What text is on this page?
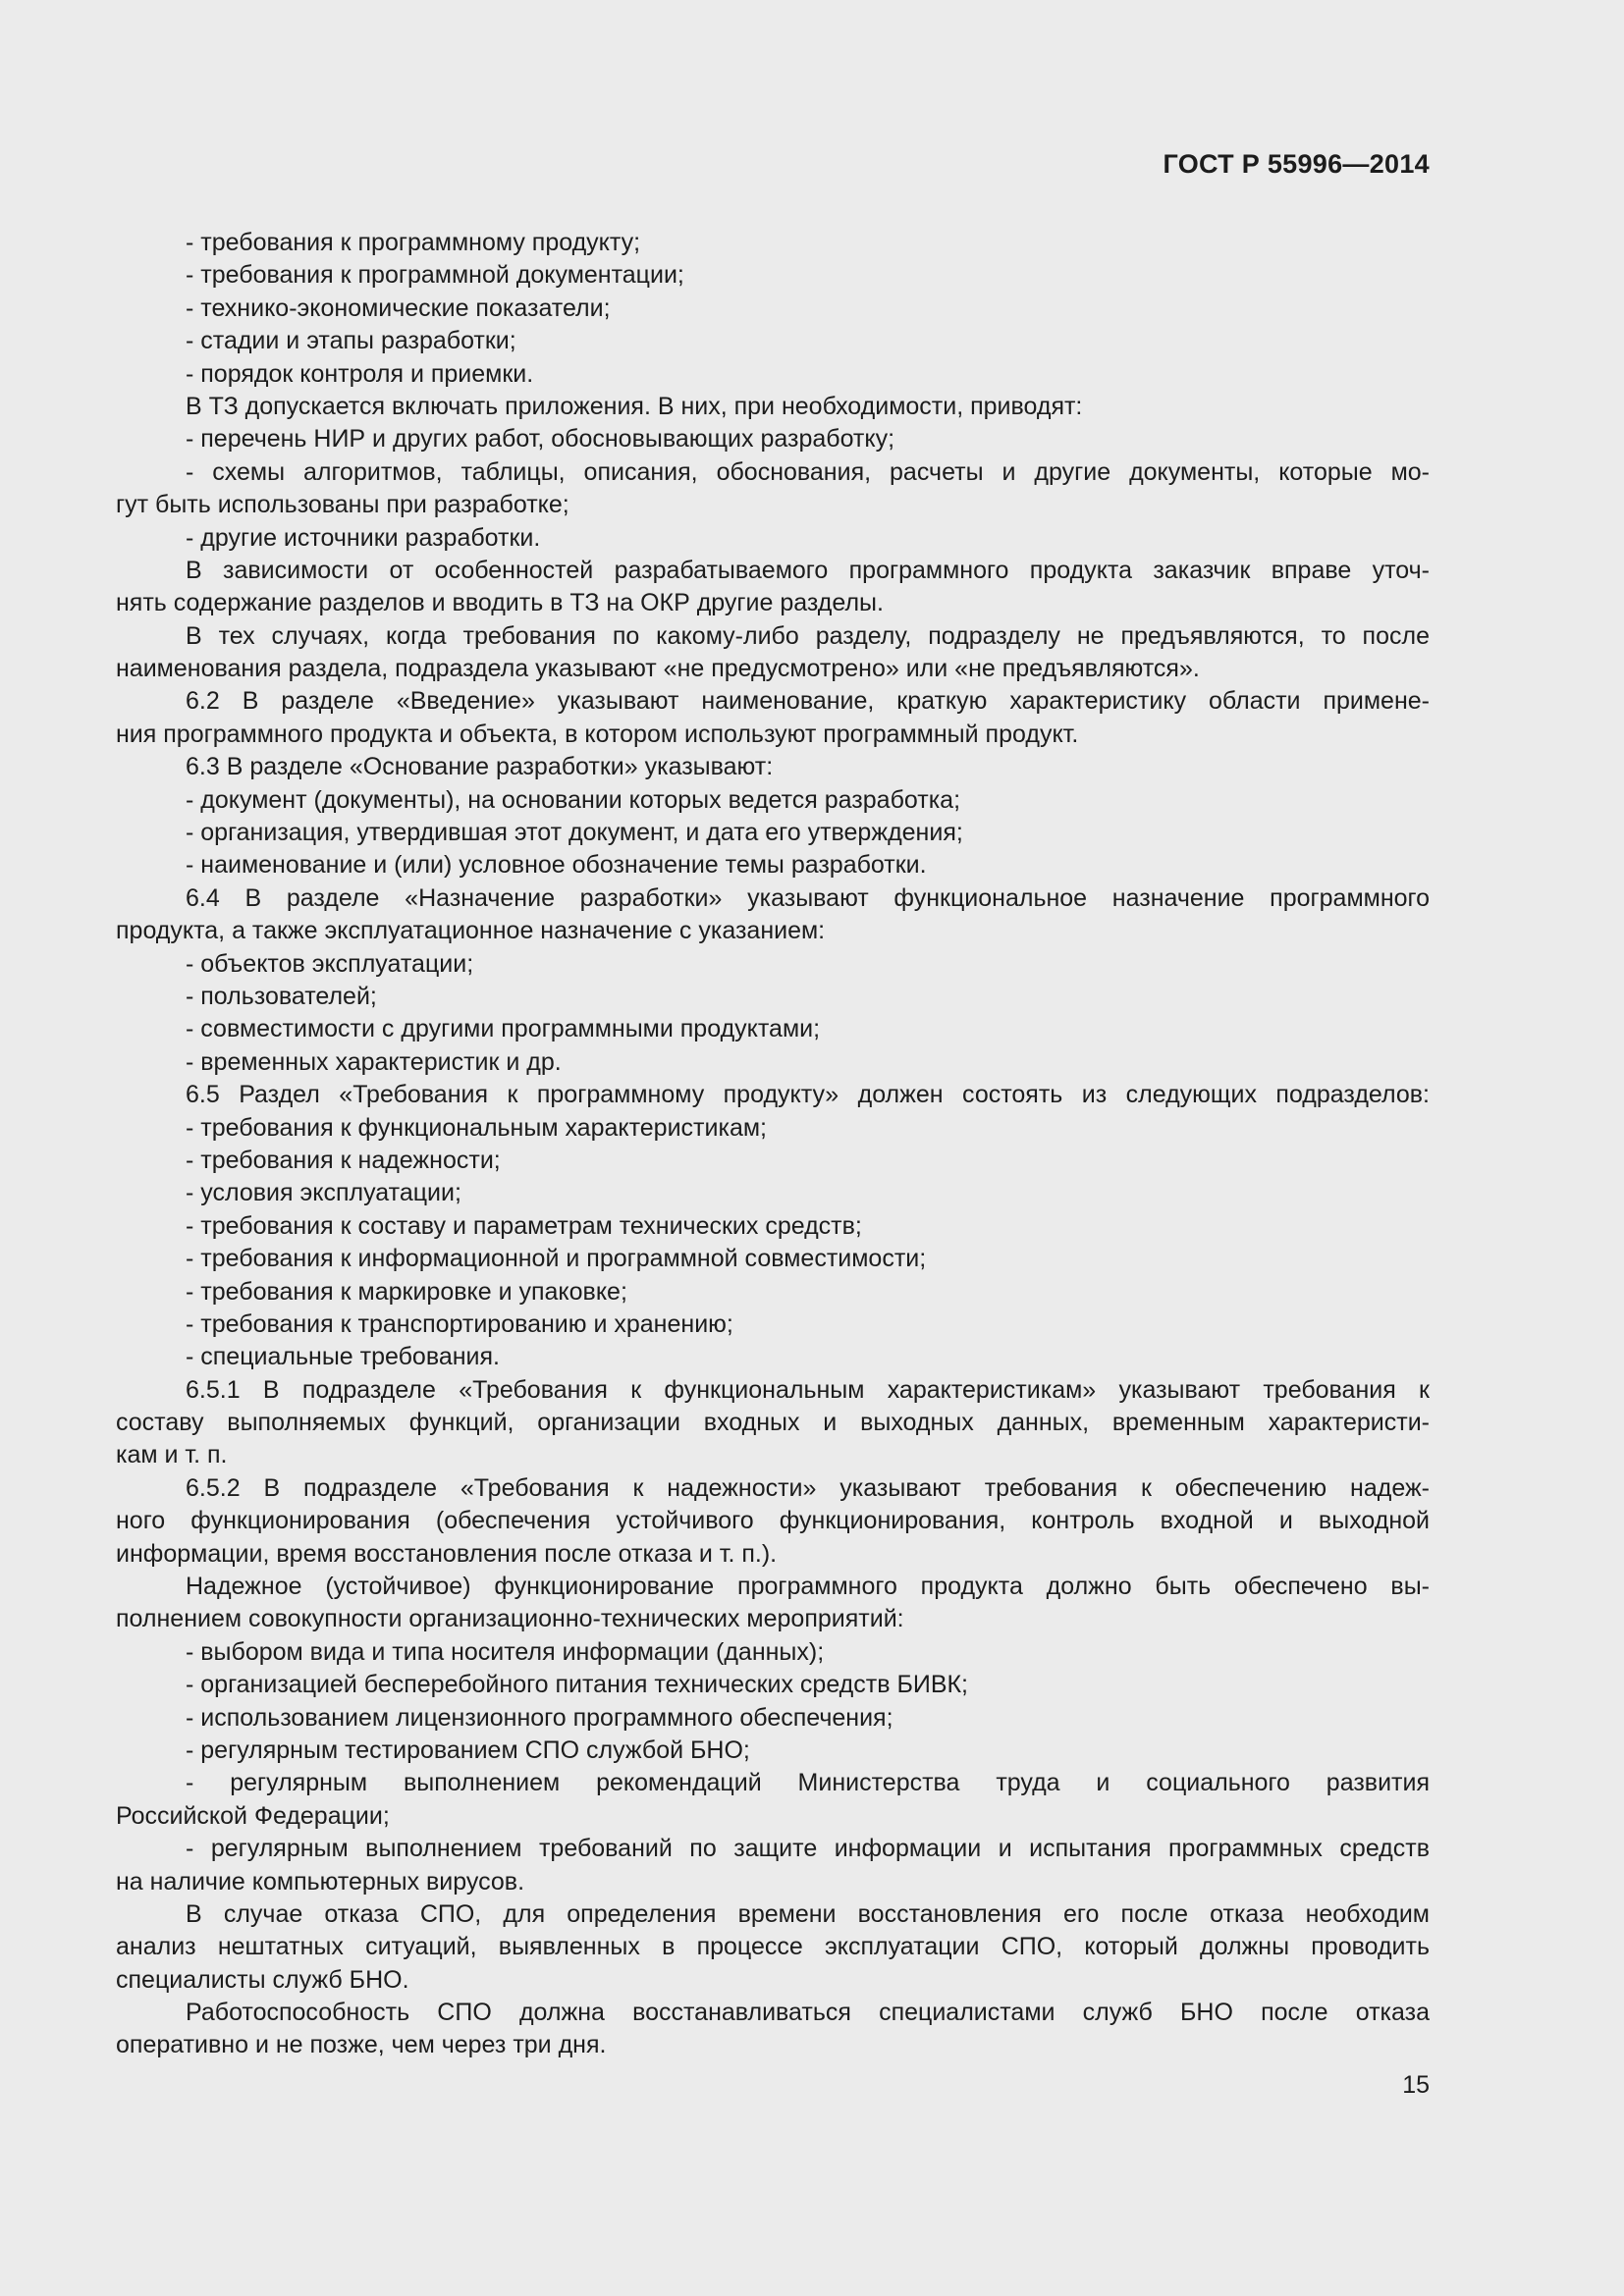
ГОСТ Р 55996—2014
- требования к программному продукту;
- требования к программной документации;
- технико-экономические показатели;
- стадии и этапы разработки;
- порядок контроля и приемки.
В ТЗ допускается включать приложения. В них, при необходимости, приводят:
- перечень НИР и других работ, обосновывающих разработку;
- схемы алгоритмов, таблицы, описания, обоснования, расчеты и другие документы, которые мо-
гут быть использованы при разработке;
- другие источники разработки.
В зависимости от особенностей разрабатываемого программного продукта заказчик вправе уточ-
нять содержание разделов и вводить в ТЗ на ОКР другие разделы.
В тех случаях, когда требования по какому-либо разделу, подразделу не предъявляются, то после
наименования раздела, подраздела указывают «не предусмотрено» или «не предъявляются».
6.2 В разделе «Введение» указывают наименование, краткую характеристику области примене-
ния программного продукта и объекта, в котором используют программный продукт.
6.3 В разделе «Основание разработки» указывают:
- документ (документы), на основании которых ведется разработка;
- организация, утвердившая этот документ, и дата его утверждения;
- наименование и (или) условное обозначение темы разработки.
6.4 В разделе «Назначение разработки» указывают функциональное назначение программного
продукта, а также эксплуатационное назначение с указанием:
- объектов эксплуатации;
- пользователей;
- совместимости с другими программными продуктами;
- временных характеристик и др.
6.5 Раздел «Требования к программному продукту» должен состоять из следующих подразделов:
- требования к функциональным характеристикам;
- требования к надежности;
- условия эксплуатации;
- требования к составу и параметрам технических средств;
- требования к информационной и программной совместимости;
- требования к маркировке и упаковке;
- требования к транспортированию и хранению;
- специальные требования.
6.5.1 В подразделе «Требования к функциональным характеристикам» указывают требования к
составу выполняемых функций, организации входных и выходных данных, временным характеристи-
кам и т. п.
6.5.2 В подразделе «Требования к надежности» указывают требования к обеспечению надеж-
ного функционирования (обеспечения устойчивого функционирования, контроль входной и выходной
информации, время восстановления после отказа и т. п.).
Надежное (устойчивое) функционирование программного продукта должно быть обеспечено вы-
полнением совокупности организационно-технических мероприятий:
- выбором вида и типа носителя информации (данных);
- организацией бесперебойного питания технических средств БИВК;
- использованием лицензионного программного обеспечения;
- регулярным тестированием СПО службой БНО;
- регулярным выполнением рекомендаций Министерства труда и социального развития
Российской Федерации;
- регулярным выполнением требований по защите информации и испытания программных средств
на наличие компьютерных вирусов.
В случае отказа СПО, для определения времени восстановления его после отказа необходим
анализ нештатных ситуаций, выявленных в процессе эксплуатации СПО, который должны проводить
специалисты служб БНО.
Работоспособность СПО должна восстанавливаться специалистами служб БНО после отказа
оперативно и не позже, чем через три дня.
15
